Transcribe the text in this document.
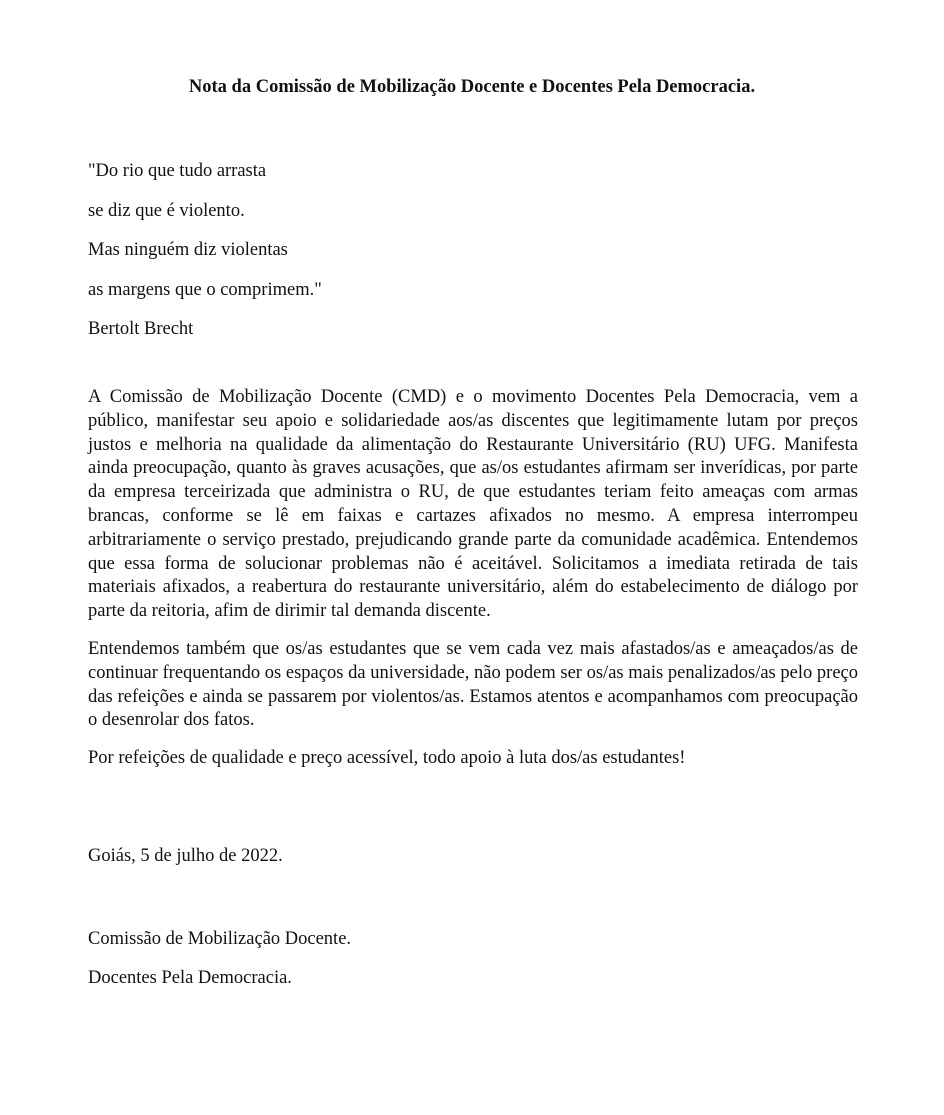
Nota da Comissão de Mobilização Docente e Docentes Pela Democracia.
"Do rio que tudo arrasta
se diz que é violento.
Mas ninguém diz violentas
as margens que o comprimem."
Bertolt Brecht

A Comissão de Mobilização Docente (CMD) e o movimento Docentes Pela Democracia, vem a público, manifestar seu apoio e solidariedade aos/as discentes que legitimamente lutam por preços justos e melhoria na qualidade da alimentação do Restaurante Universitário (RU) UFG. Manifesta ainda preocupação, quanto às graves acusações, que as/os estudantes afirmam ser inverídicas, por parte da empresa terceirizada que administra o RU, de que estudantes teriam feito ameaças com armas brancas, conforme se lê em faixas e cartazes afixados no mesmo. A empresa interrompeu arbitrariamente o serviço prestado, prejudicando grande parte da comunidade acadêmica. Entendemos que essa forma de solucionar problemas não é aceitável. Solicitamos a imediata retirada de tais materiais afixados, a reabertura do restaurante universitário, além do estabelecimento de diálogo por parte da reitoria, afim de dirimir tal demanda discente.

Entendemos também que os/as estudantes que se vem cada vez mais afastados/as e ameaçados/as de continuar frequentando os espaços da universidade, não podem ser os/as mais penalizados/as pelo preço das refeições e ainda se passarem por violentos/as. Estamos atentos e acompanhamos com preocupação o desenrolar dos fatos.

Por refeições de qualidade e preço acessível, todo apoio à luta dos/as estudantes!

Goiás, 5 de julho de 2022.

Comissão de Mobilização Docente.
Docentes Pela Democracia.
